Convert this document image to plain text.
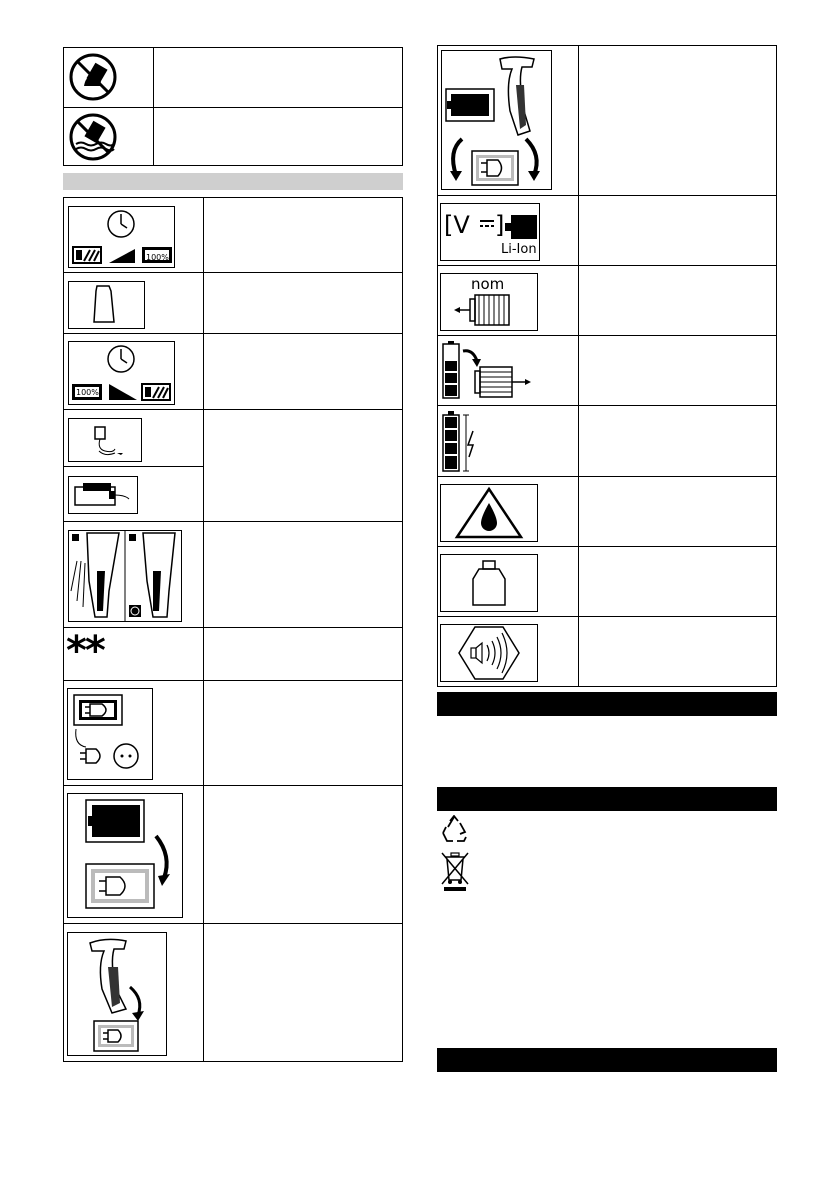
100%
100%
**
[V ]
Li-Ion
nom
